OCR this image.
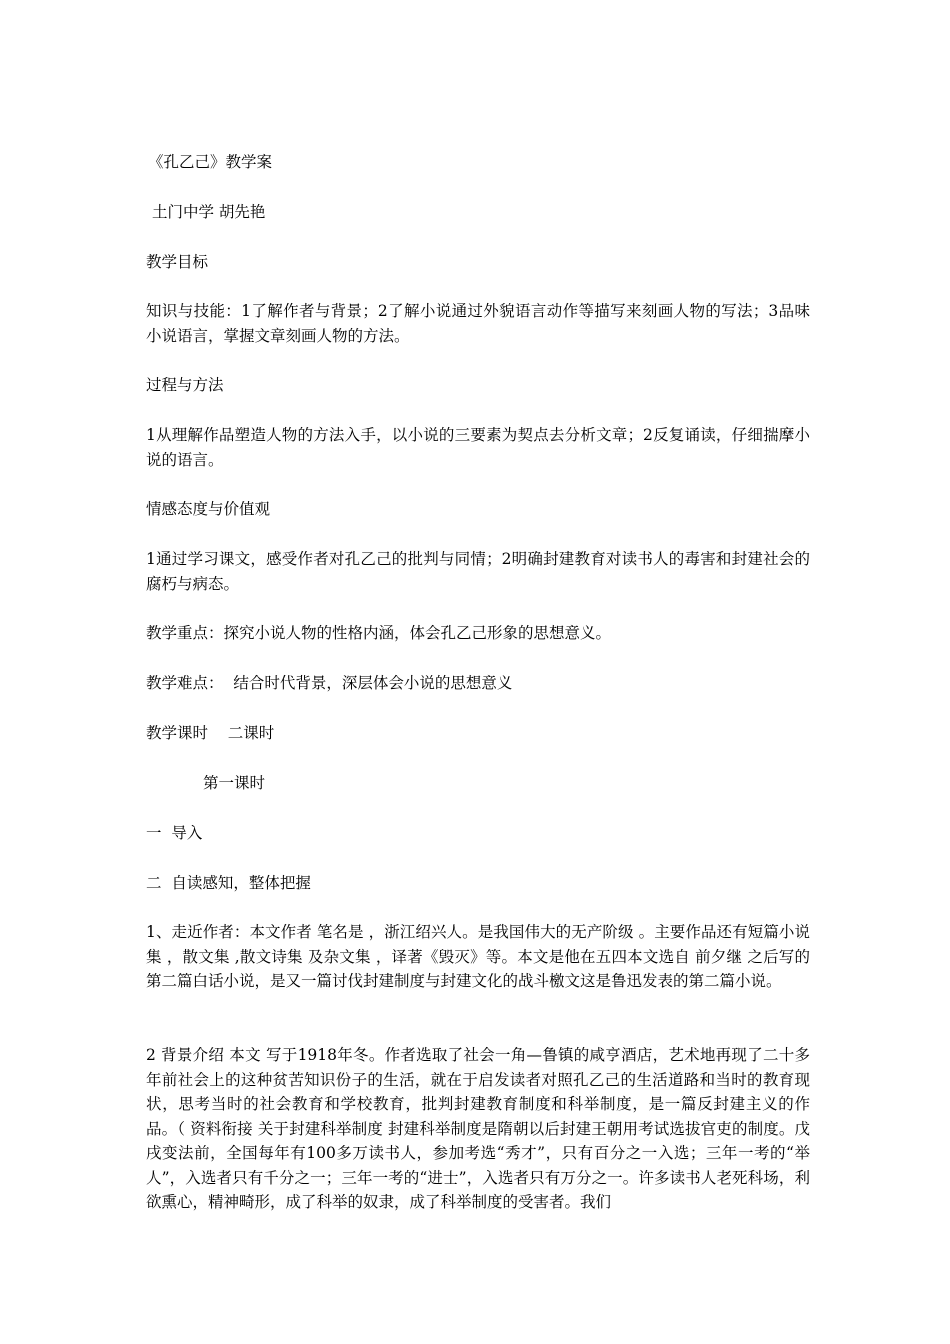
《孔乙己》教学案
土门中学 胡先艳
教学目标
知识与技能：1了解作者与背景；2了解小说通过外貌语言动作等描写来刻画人物的写法；3品味小说语言，掌握文章刻画人物的方法。
过程与方法
1从理解作品塑造人物的方法入手，以小说的三要素为契点去分析文章；2反复诵读，仔细揣摩小说的语言。
情感态度与价值观
1通过学习课文，感受作者对孔乙己的批判与同情；2明确封建教育对读书人的毒害和封建社会的腐朽与病态。
教学重点：探究小说人物的性格内涵，体会孔乙己形象的思想意义。
教学难点：  结合时代背景，深层体会小说的思想意义
教学课时    二课时
第一课时
一  导入
二  自读感知，整体把握
1、走近作者：本文作者 笔名是 ，浙江绍兴人。是我国伟大的无产阶级 。主要作品还有短篇小说集 ，散文集 ,散文诗集 及杂文集 ，译著《毁灭》等。本文是他在五四本文选自 前夕继 之后写的第二篇白话小说，是又一篇讨伐封建制度与封建文化的战斗檄文这是鲁迅发表的第二篇小说。
2 背景介绍 本文 写于1918年冬。作者选取了社会一角—鲁镇的咸亨酒店，艺术地再现了二十多年前社会上的这种贫苦知识份子的生活，就在于启发读者对照孔乙己的生活道路和当时的教育现状，思考当时的社会教育和学校教育，批判封建教育制度和科举制度，是一篇反封建主义的作品。（ 资料衔接 关于封建科举制度 封建科举制度是隋朝以后封建王朝用考试选拔官吏的制度。戊戌变法前，全国每年有100多万读书人，参加考选“秀才”，只有百分之一入选；三年一考的“举人”，入选者只有千分之一；三年一考的“进士”，入选者只有万分之一。许多读书人老死科场，利欲熏心，精神畸形，成了科举的奴隶，成了科举制度的受害者。我们
